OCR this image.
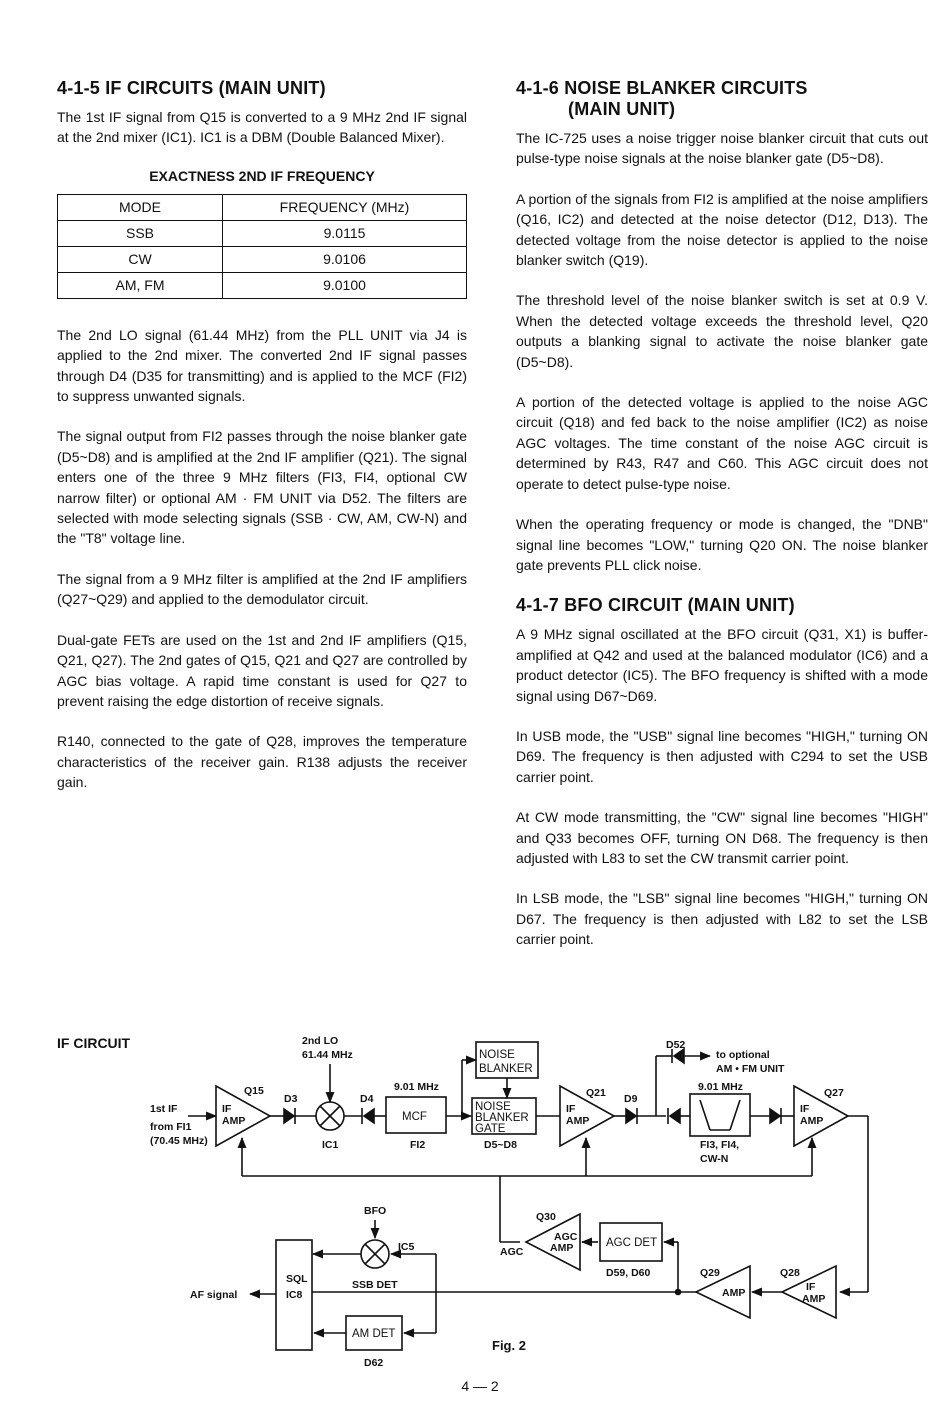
4-1-5 IF CIRCUITS (MAIN UNIT)

The 1st IF signal from Q15 is converted to a 9 MHz 2nd IF signal at the 2nd mixer (IC1). IC1 is a DBM (Double Balanced Mixer).

EXACTNESS 2ND IF FREQUENCY
MODE	FREQUENCY (MHz)
SSB	9.0115
CW	9.0106
AM, FM	9.0100

The 2nd LO signal (61.44 MHz) from the PLL UNIT via J4 is applied to the 2nd mixer. The converted 2nd IF signal passes through D4 (D35 for transmitting) and is applied to the MCF (FI2) to suppress unwanted signals.

The signal output from FI2 passes through the noise blanker gate (D5~D8) and is amplified at the 2nd IF amplifier (Q21). The signal enters one of the three 9 MHz filters (FI3, FI4, optional CW narrow filter) or optional AM · FM UNIT via D52. The filters are selected with mode selecting signals (SSB · CW, AM, CW-N) and the "T8" voltage line.

The signal from a 9 MHz filter is amplified at the 2nd IF amplifiers (Q27~Q29) and applied to the demodulator circuit.

Dual-gate FETs are used on the 1st and 2nd IF amplifiers (Q15, Q21, Q27). The 2nd gates of Q15, Q21 and Q27 are controlled by AGC bias voltage. A rapid time constant is used for Q27 to prevent raising the edge distortion of receive signals.

R140, connected to the gate of Q28, improves the temperature characteristics of the receiver gain. R138 adjusts the receiver gain.

4-1-6 NOISE BLANKER CIRCUITS
(MAIN UNIT)

The IC-725 uses a noise trigger noise blanker circuit that cuts out pulse-type noise signals at the noise blanker gate (D5~D8).

A portion of the signals from FI2 is amplified at the noise amplifiers (Q16, IC2) and detected at the noise detector (D12, D13). The detected voltage from the noise detector is applied to the noise blanker switch (Q19).

The threshold level of the noise blanker switch is set at 0.9 V. When the detected voltage exceeds the threshold level, Q20 outputs a blanking signal to activate the noise blanker gate (D5~D8).

A portion of the detected voltage is applied to the noise AGC circuit (Q18) and fed back to the noise amplifier (IC2) as noise AGC voltages. The time constant of the noise AGC circuit is determined by R43, R47 and C60. This AGC circuit does not operate to detect pulse-type noise.

When the operating frequency or mode is changed, the "DNB" signal line becomes "LOW," turning Q20 ON. The noise blanker gate prevents PLL click noise.

4-1-7 BFO CIRCUIT (MAIN UNIT)

A 9 MHz signal oscillated at the BFO circuit (Q31, X1) is buffer-amplified at Q42 and used at the balanced modulator (IC6) and a product detector (IC5). The BFO frequency is shifted with a mode signal using D67~D69.

In USB mode, the "USB" signal line becomes "HIGH," turning ON D69. The frequency is then adjusted with C294 to set the USB carrier point.

At CW mode transmitting, the "CW" signal line becomes "HIGH" and Q33 becomes OFF, turning ON D68. The frequency is then adjusted with L83 to set the CW transmit carrier point.

In LSB mode, the "LSB" signal line becomes "HIGH," turning ON D67. The frequency is then adjusted with L82 to set the LSB carrier point.

IF CIRCUIT
1st IF
from FI1
(70.45 MHz)
Q15
IF
AMP
D3	D4
2nd LO
61.44 MHz
IC1
9.01 MHz
MCF
FI2
NOISE
BLANKER
NOISE
BLANKER
GATE
D5~D8
Q21
IF
AMP
D9
D52
to optional
AM • FM UNIT
9.01 MHz
FI3, FI4,
CW-N
Q27
IF
AMP
BFO
IC5
SSB DET
SQL
IC8
AF signal
AM DET
D62
Q30
AGC
AMP
AGC
AGC DET
D59, D60	Q29
AMP
Q28
IF
AMP
Fig. 2
4 — 2
